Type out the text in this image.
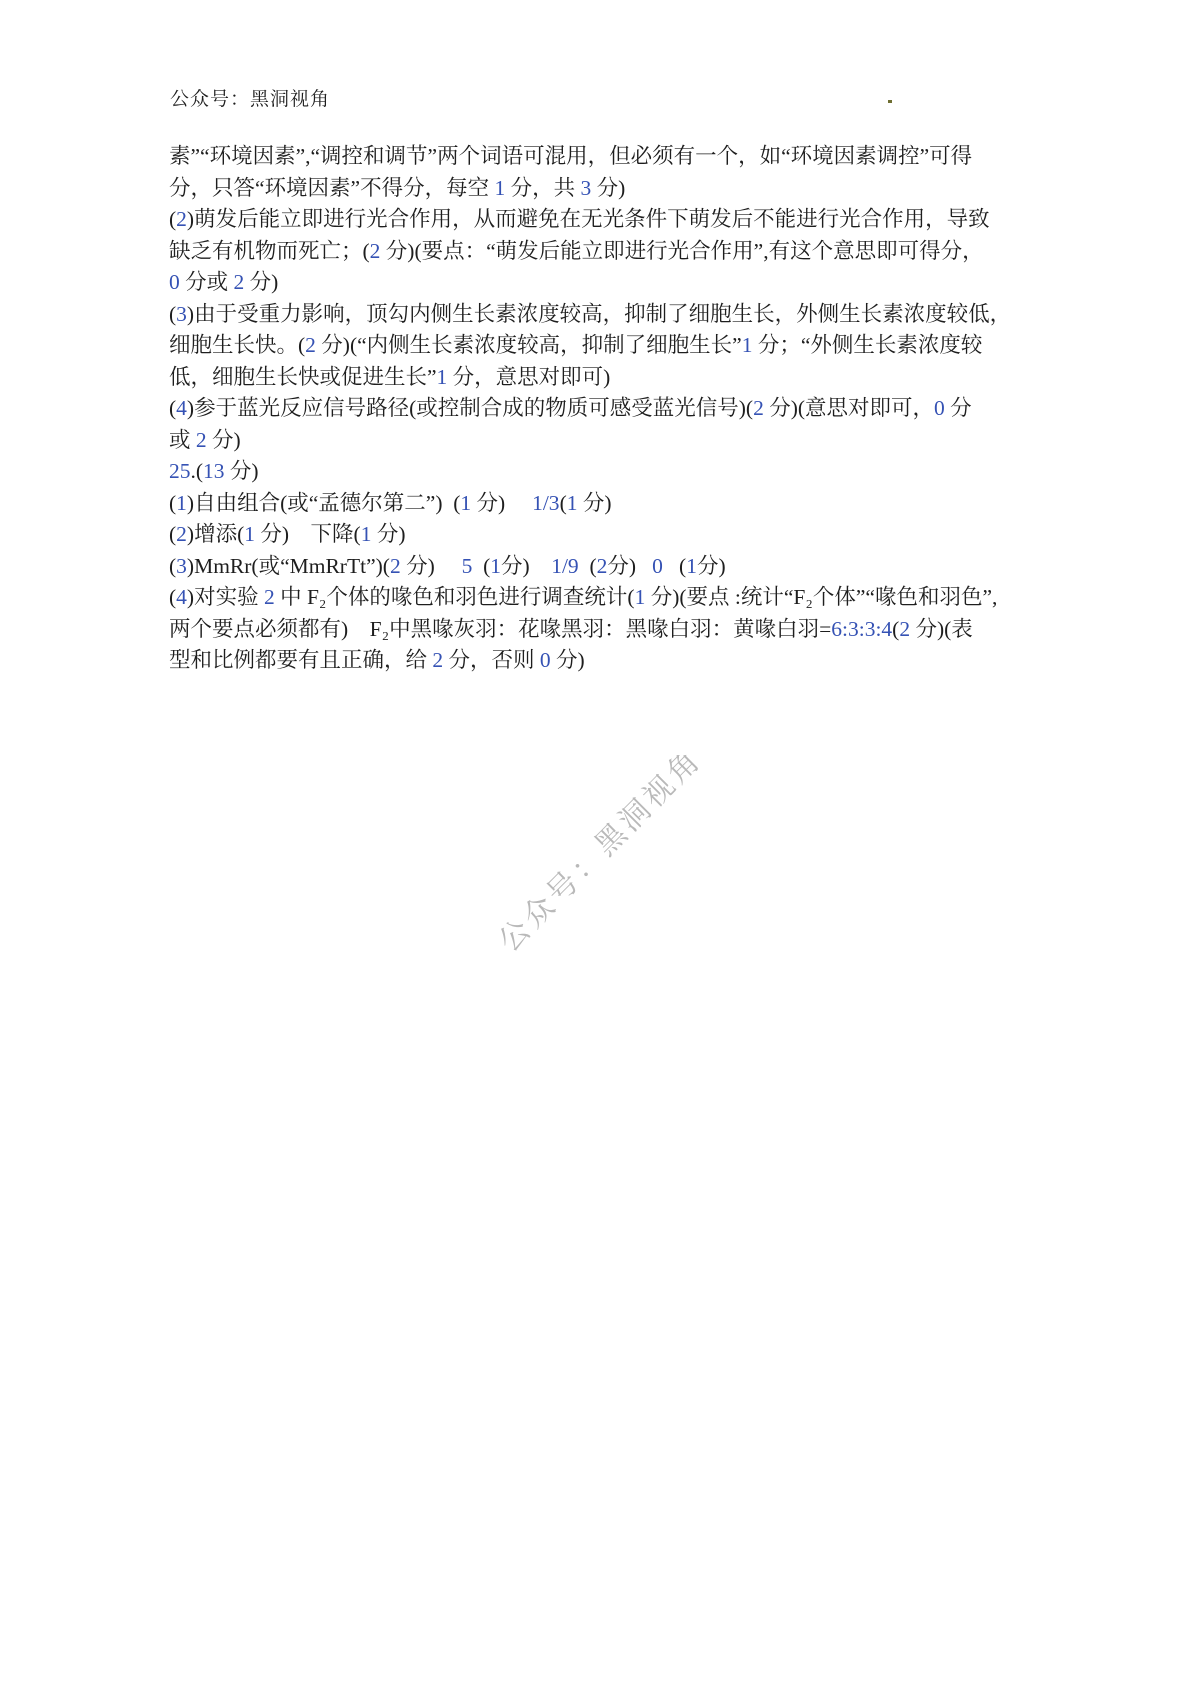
公众号：黑洞视角
素”“环境因素”,“调控和调节”两个词语可混用，但必须有一个，如“环境因素调控”可得
分，只答“环境因素”不得分，每空 1 分，共 3 分)
(2)萌发后能立即进行光合作用，从而避免在无光条件下萌发后不能进行光合作用，导致
缺乏有机物而死亡；(2 分)(要点：“萌发后能立即进行光合作用”,有这个意思即可得分，
0 分或 2 分)
(3)由于受重力影响，顶勾内侧生长素浓度较高，抑制了细胞生长，外侧生长素浓度较低，
细胞生长快。(2 分)(“内侧生长素浓度较高，抑制了细胞生长”1 分；“外侧生长素浓度较
低，细胞生长快或促进生长”1 分，意思对即可)
(4)参于蓝光反应信号路径(或控制合成的物质可感受蓝光信号)(2 分)(意思对即可，0 分
或 2 分)
25.(13 分)
(1)自由组合(或“孟德尔第二”)  (1 分)     1/3(1 分)
(2)增添(1 分)    下降(1 分)
(3)MmRr(或“MmRrTt”)(2 分)     5  (1分)    1/9  (2分)   0   (1分)
(4)对实验 2 中 F₂个体的喙色和羽色进行调查统计(1 分)(要点 :统计“F₂个体”“喙色和羽色”,
两个要点必须都有)    F₂中黑喙灰羽：花喙黑羽：黑喙白羽：黄喙白羽=6:3:3:4(2 分)(表
型和比例都要有且正确，给 2 分，否则 0 分)
公众号：黑洞视角
